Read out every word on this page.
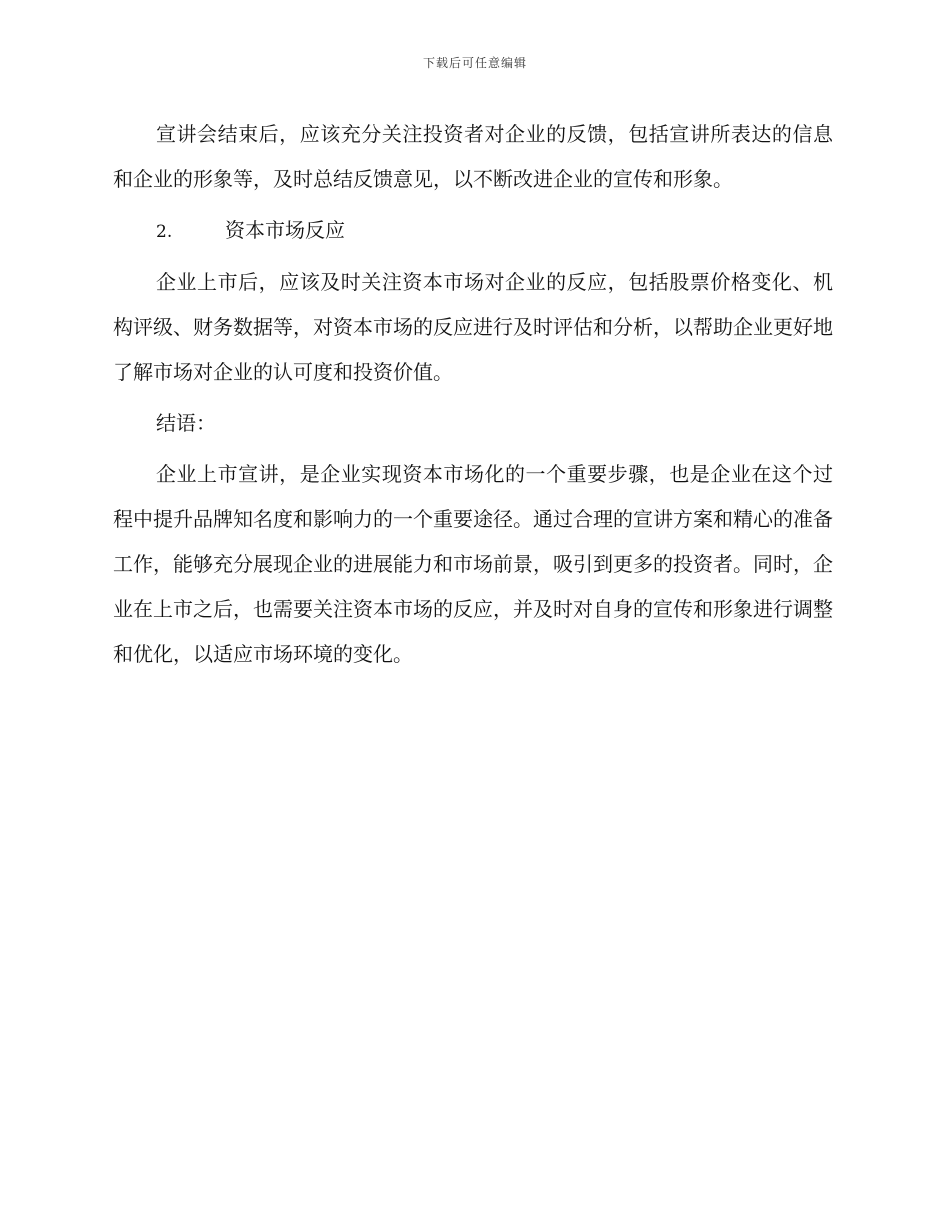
下载后可任意编辑

宣讲会结束后，应该充分关注投资者对企业的反馈，包括宣讲所表达的信息和企业的形象等，及时总结反馈意见，以不断改进企业的宣传和形象。

2.	资本市场反应

企业上市后，应该及时关注资本市场对企业的反应，包括股票价格变化、机构评级、财务数据等，对资本市场的反应进行及时评估和分析，以帮助企业更好地了解市场对企业的认可度和投资价值。

结语：

企业上市宣讲，是企业实现资本市场化的一个重要步骤，也是企业在这个过程中提升品牌知名度和影响力的一个重要途径。通过合理的宣讲方案和精心的准备工作，能够充分展现企业的进展能力和市场前景，吸引到更多的投资者。同时，企业在上市之后，也需要关注资本市场的反应，并及时对自身的宣传和形象进行调整和优化，以适应市场环境的变化。
